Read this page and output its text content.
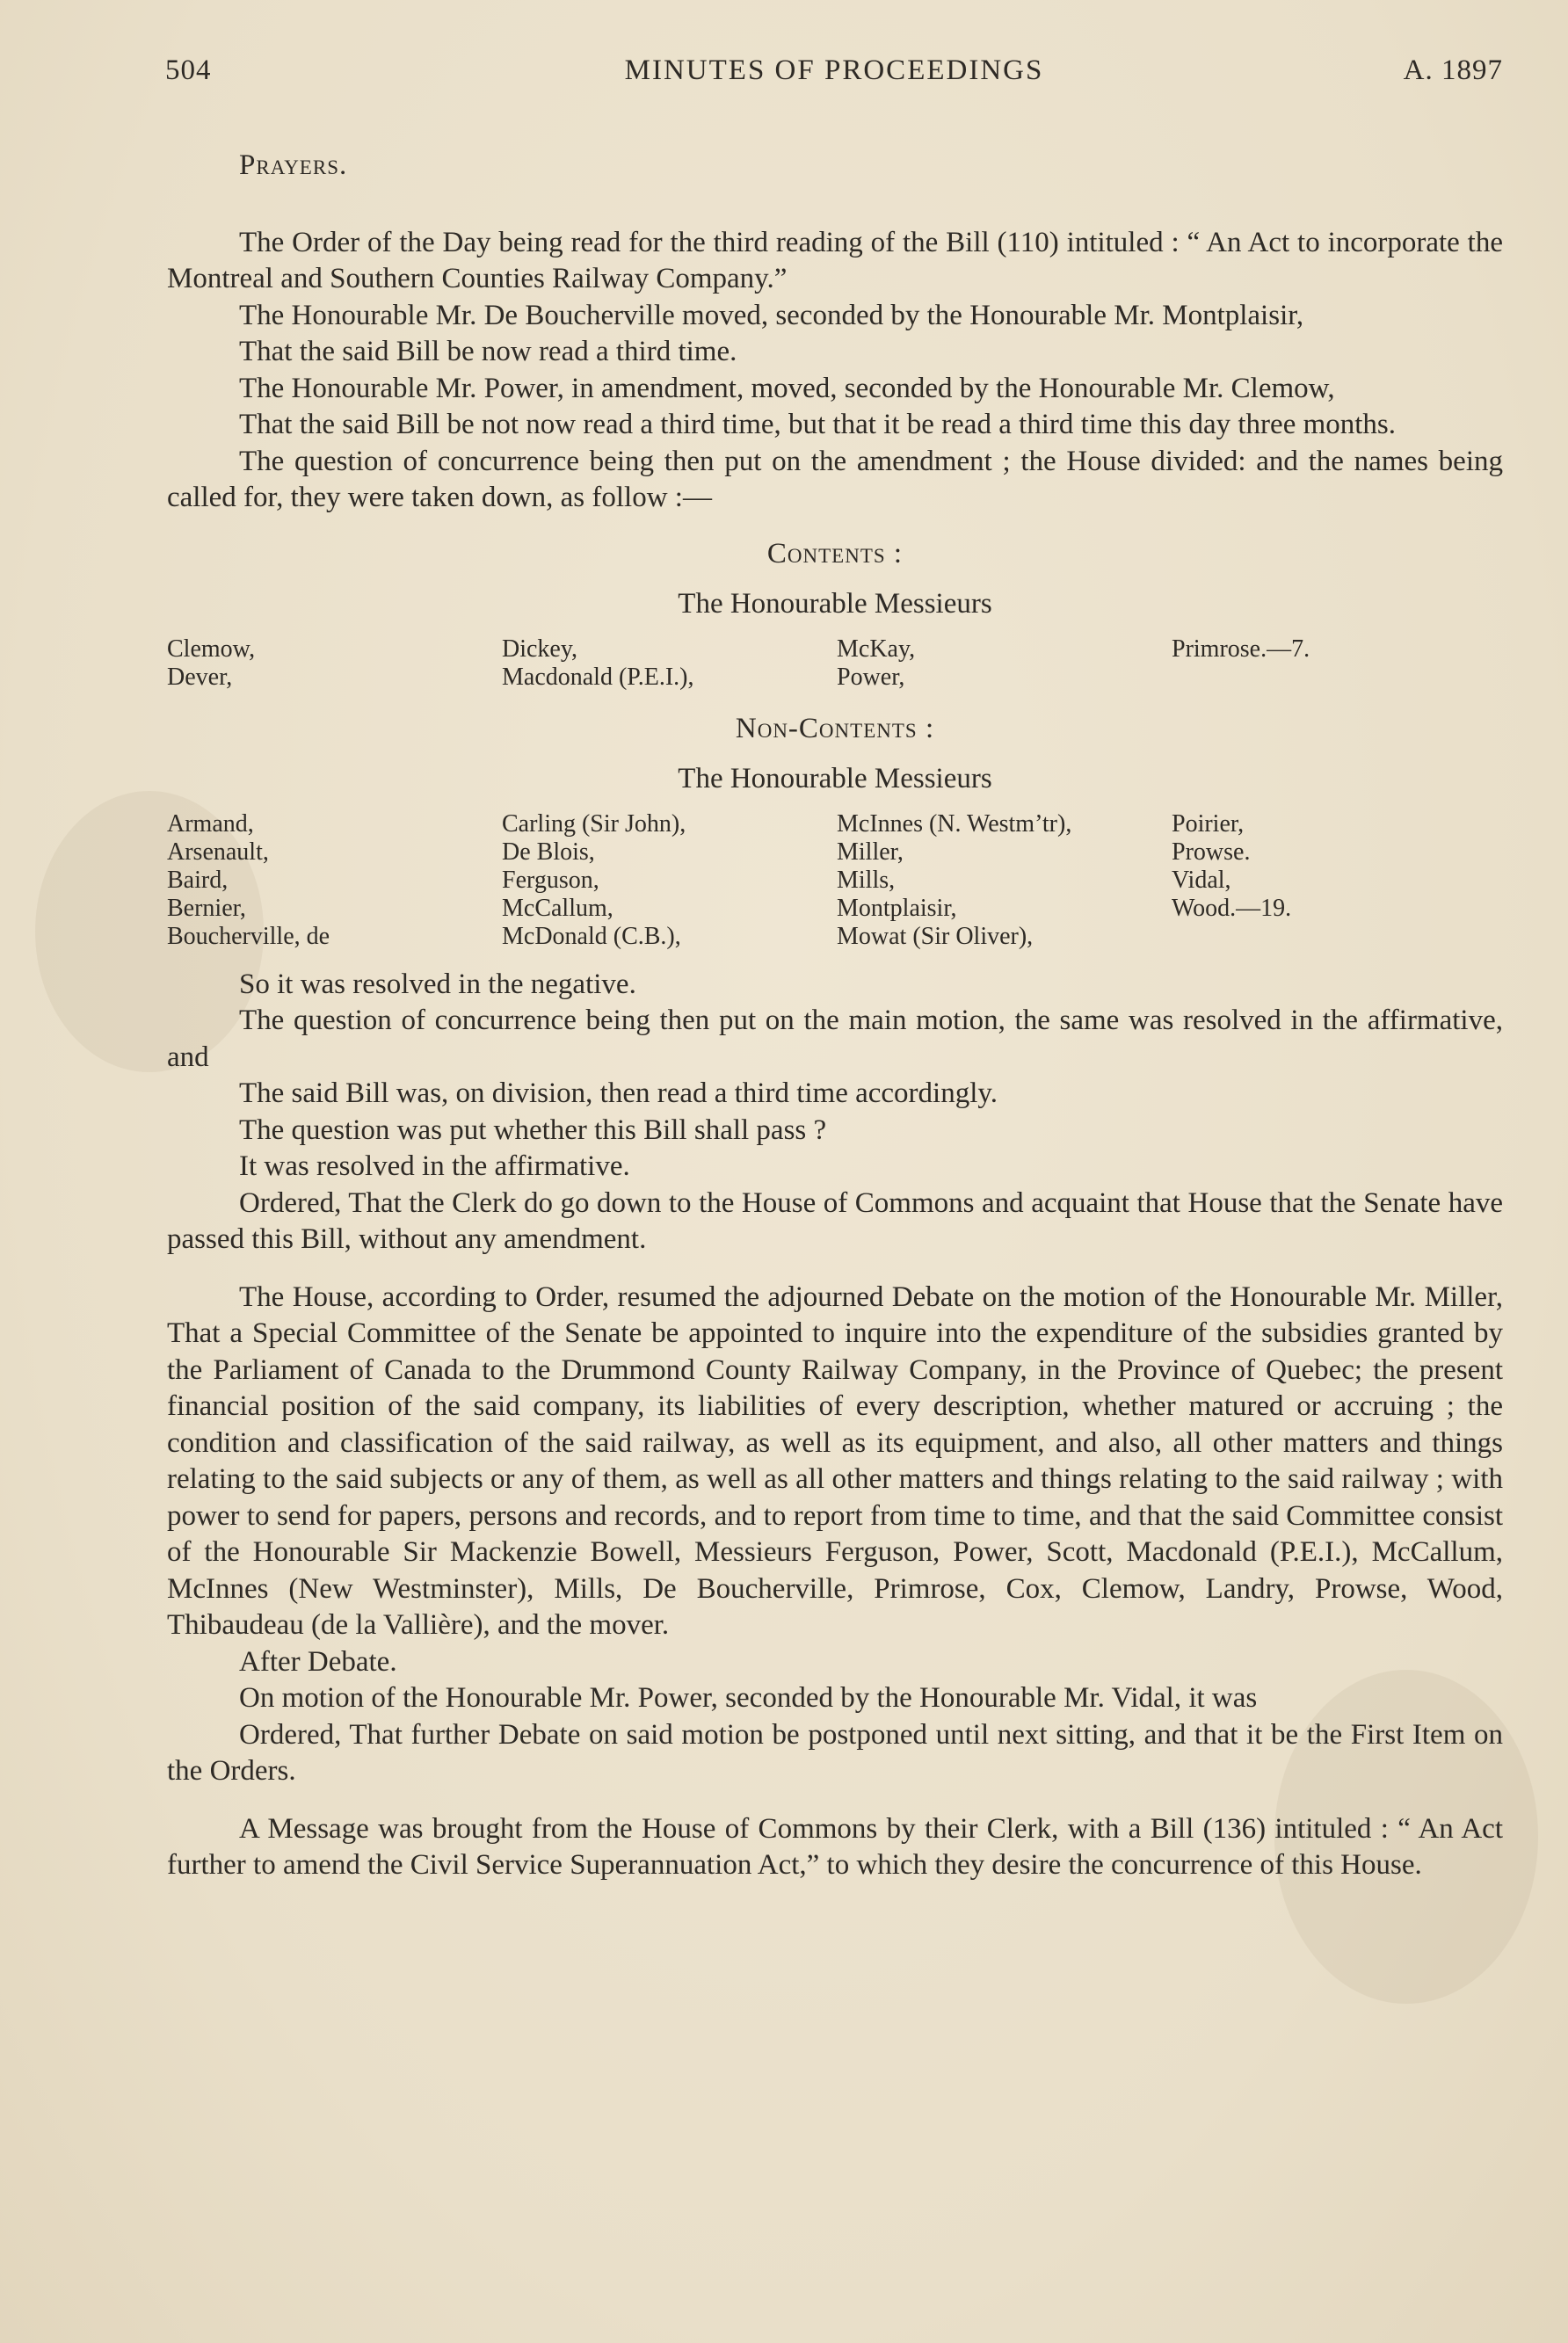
504	MINUTES OF PROCEEDINGS	A. 1897
Prayers.

The Order of the Day being read for the third reading of the Bill (110) intituled : “ An Act to incorporate the Montreal and Southern Counties Railway Company.”

The Honourable Mr. De Boucherville moved, seconded by the Honourable Mr. Montplaisir,

That the said Bill be now read a third time.

The Honourable Mr. Power, in amendment, moved, seconded by the Honourable Mr. Clemow,

That the said Bill be not now read a third time, but that it be read a third time this day three months.

The question of concurrence being then put on the amendment ; the House divided: and the names being called for, they were taken down, as follow :—

Contents :
The Honourable Messieurs
Clemow,	Dickey,	McKay,	Primrose.—7.
Dever,	Macdonald (P.E.I.),	Power,
Non-Contents :
The Honourable Messieurs
Armand,	Carling (Sir John),	McInnes (N. Westm’tr),	Poirier,
Arsenault,	De Blois,	Miller,	Prowse.
Baird,	Ferguson,	Mills,	Vidal,
Bernier,	McCallum,	Montplaisir,	Wood.—19.
Boucherville, de	McDonald (C.B.),	Mowat (Sir Oliver),

So it was resolved in the negative.

The question of concurrence being then put on the main motion, the same was resolved in the affirmative, and

The said Bill was, on division, then read a third time accordingly.

The question was put whether this Bill shall pass ?

It was resolved in the affirmative.

Ordered, That the Clerk do go down to the House of Commons and acquaint that House that the Senate have passed this Bill, without any amendment.

The House, according to Order, resumed the adjourned Debate on the motion of the Honourable Mr. Miller, That a Special Committee of the Senate be appointed to inquire into the expenditure of the subsidies granted by the Parliament of Canada to the Drummond County Railway Company, in the Province of Quebec; the present financial position of the said company, its liabilities of every description, whether matured or accruing ; the condition and classification of the said railway, as well as its equipment, and also, all other matters and things relating to the said subjects or any of them, as well as all other matters and things relating to the said railway ; with power to send for papers, persons and records, and to report from time to time, and that the said Committee consist of the Honourable Sir Mackenzie Bowell, Messieurs Ferguson, Power, Scott, Macdonald (P.E.I.), McCallum, McInnes (New Westminster), Mills, De Boucherville, Primrose, Cox, Clemow, Landry, Prowse, Wood, Thibaudeau (de la Vallière), and the mover.

After Debate.

On motion of the Honourable Mr. Power, seconded by the Honourable Mr. Vidal, it was

Ordered, That further Debate on said motion be postponed until next sitting, and that it be the First Item on the Orders.

A Message was brought from the House of Commons by their Clerk, with a Bill (136) intituled : “ An Act further to amend the Civil Service Superannuation Act,” to which they desire the concurrence of this House.
